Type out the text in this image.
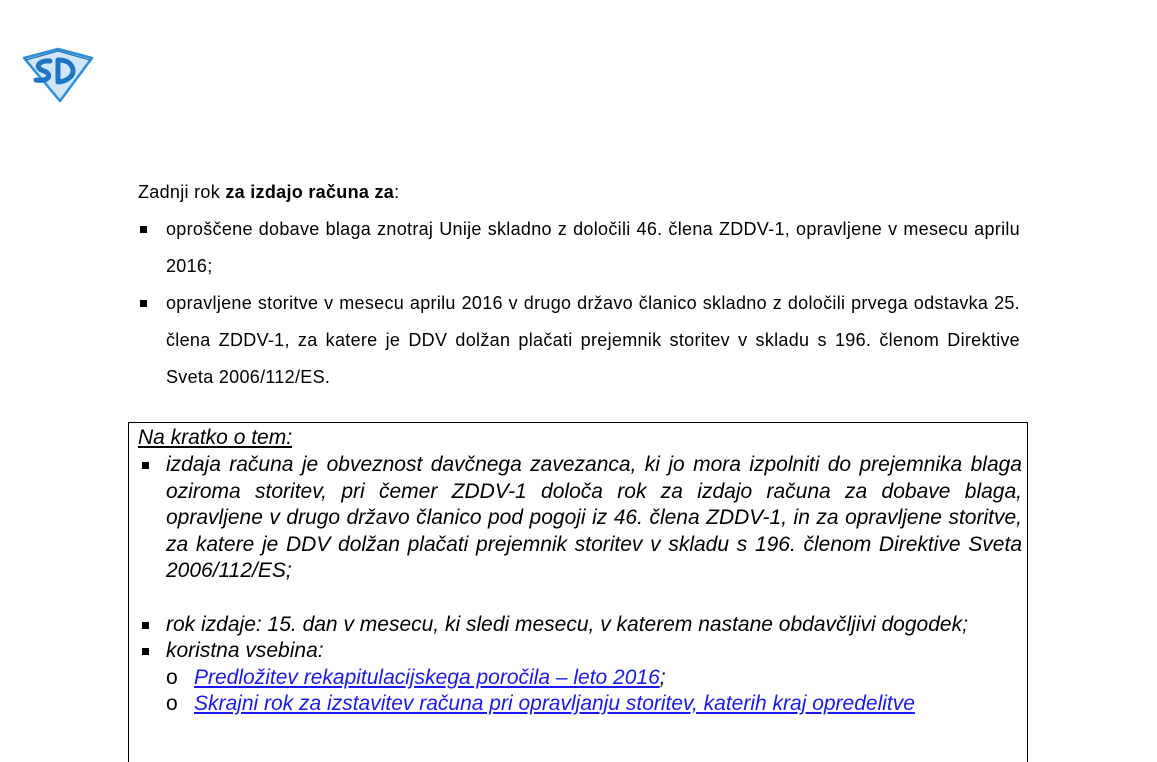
Zadnji rok za izdajo računa za:

oproščene dobave blaga znotraj Unije skladno z določili 46. člena ZDDV-1, opravljene v mesecu aprilu 2016;
opravljene storitve v mesecu aprilu 2016 v drugo državo članico skladno z določili prvega odstavka 25. člena ZDDV-1, za katere je DDV dolžan plačati prejemnik storitev v skladu s 196. členom Direktive Sveta 2006/112/ES.
Na kratko o tem:
izdaja računa je obveznost davčnega zavezanca, ki jo mora izpolniti do prejemnika blaga oziroma storitev, pri čemer ZDDV-1 določa rok za izdajo računa za dobave blaga, opravljene v drugo državo članico pod pogoji iz 46. člena ZDDV-1, in za opravljene storitve, za katere je DDV dolžan plačati prejemnik storitev v skladu s 196. členom Direktive Sveta 2006/112/ES;
rok izdaje: 15. dan v mesecu, ki sledi mesecu, v katerem nastane obdavčljivi dogodek;
koristna vsebina:
o Predložitev rekapitulacijskega poročila – leto 2016;
o Skrajni rok za izstavitev računa pri opravljanju storitev, katerih kraj opredelitve
